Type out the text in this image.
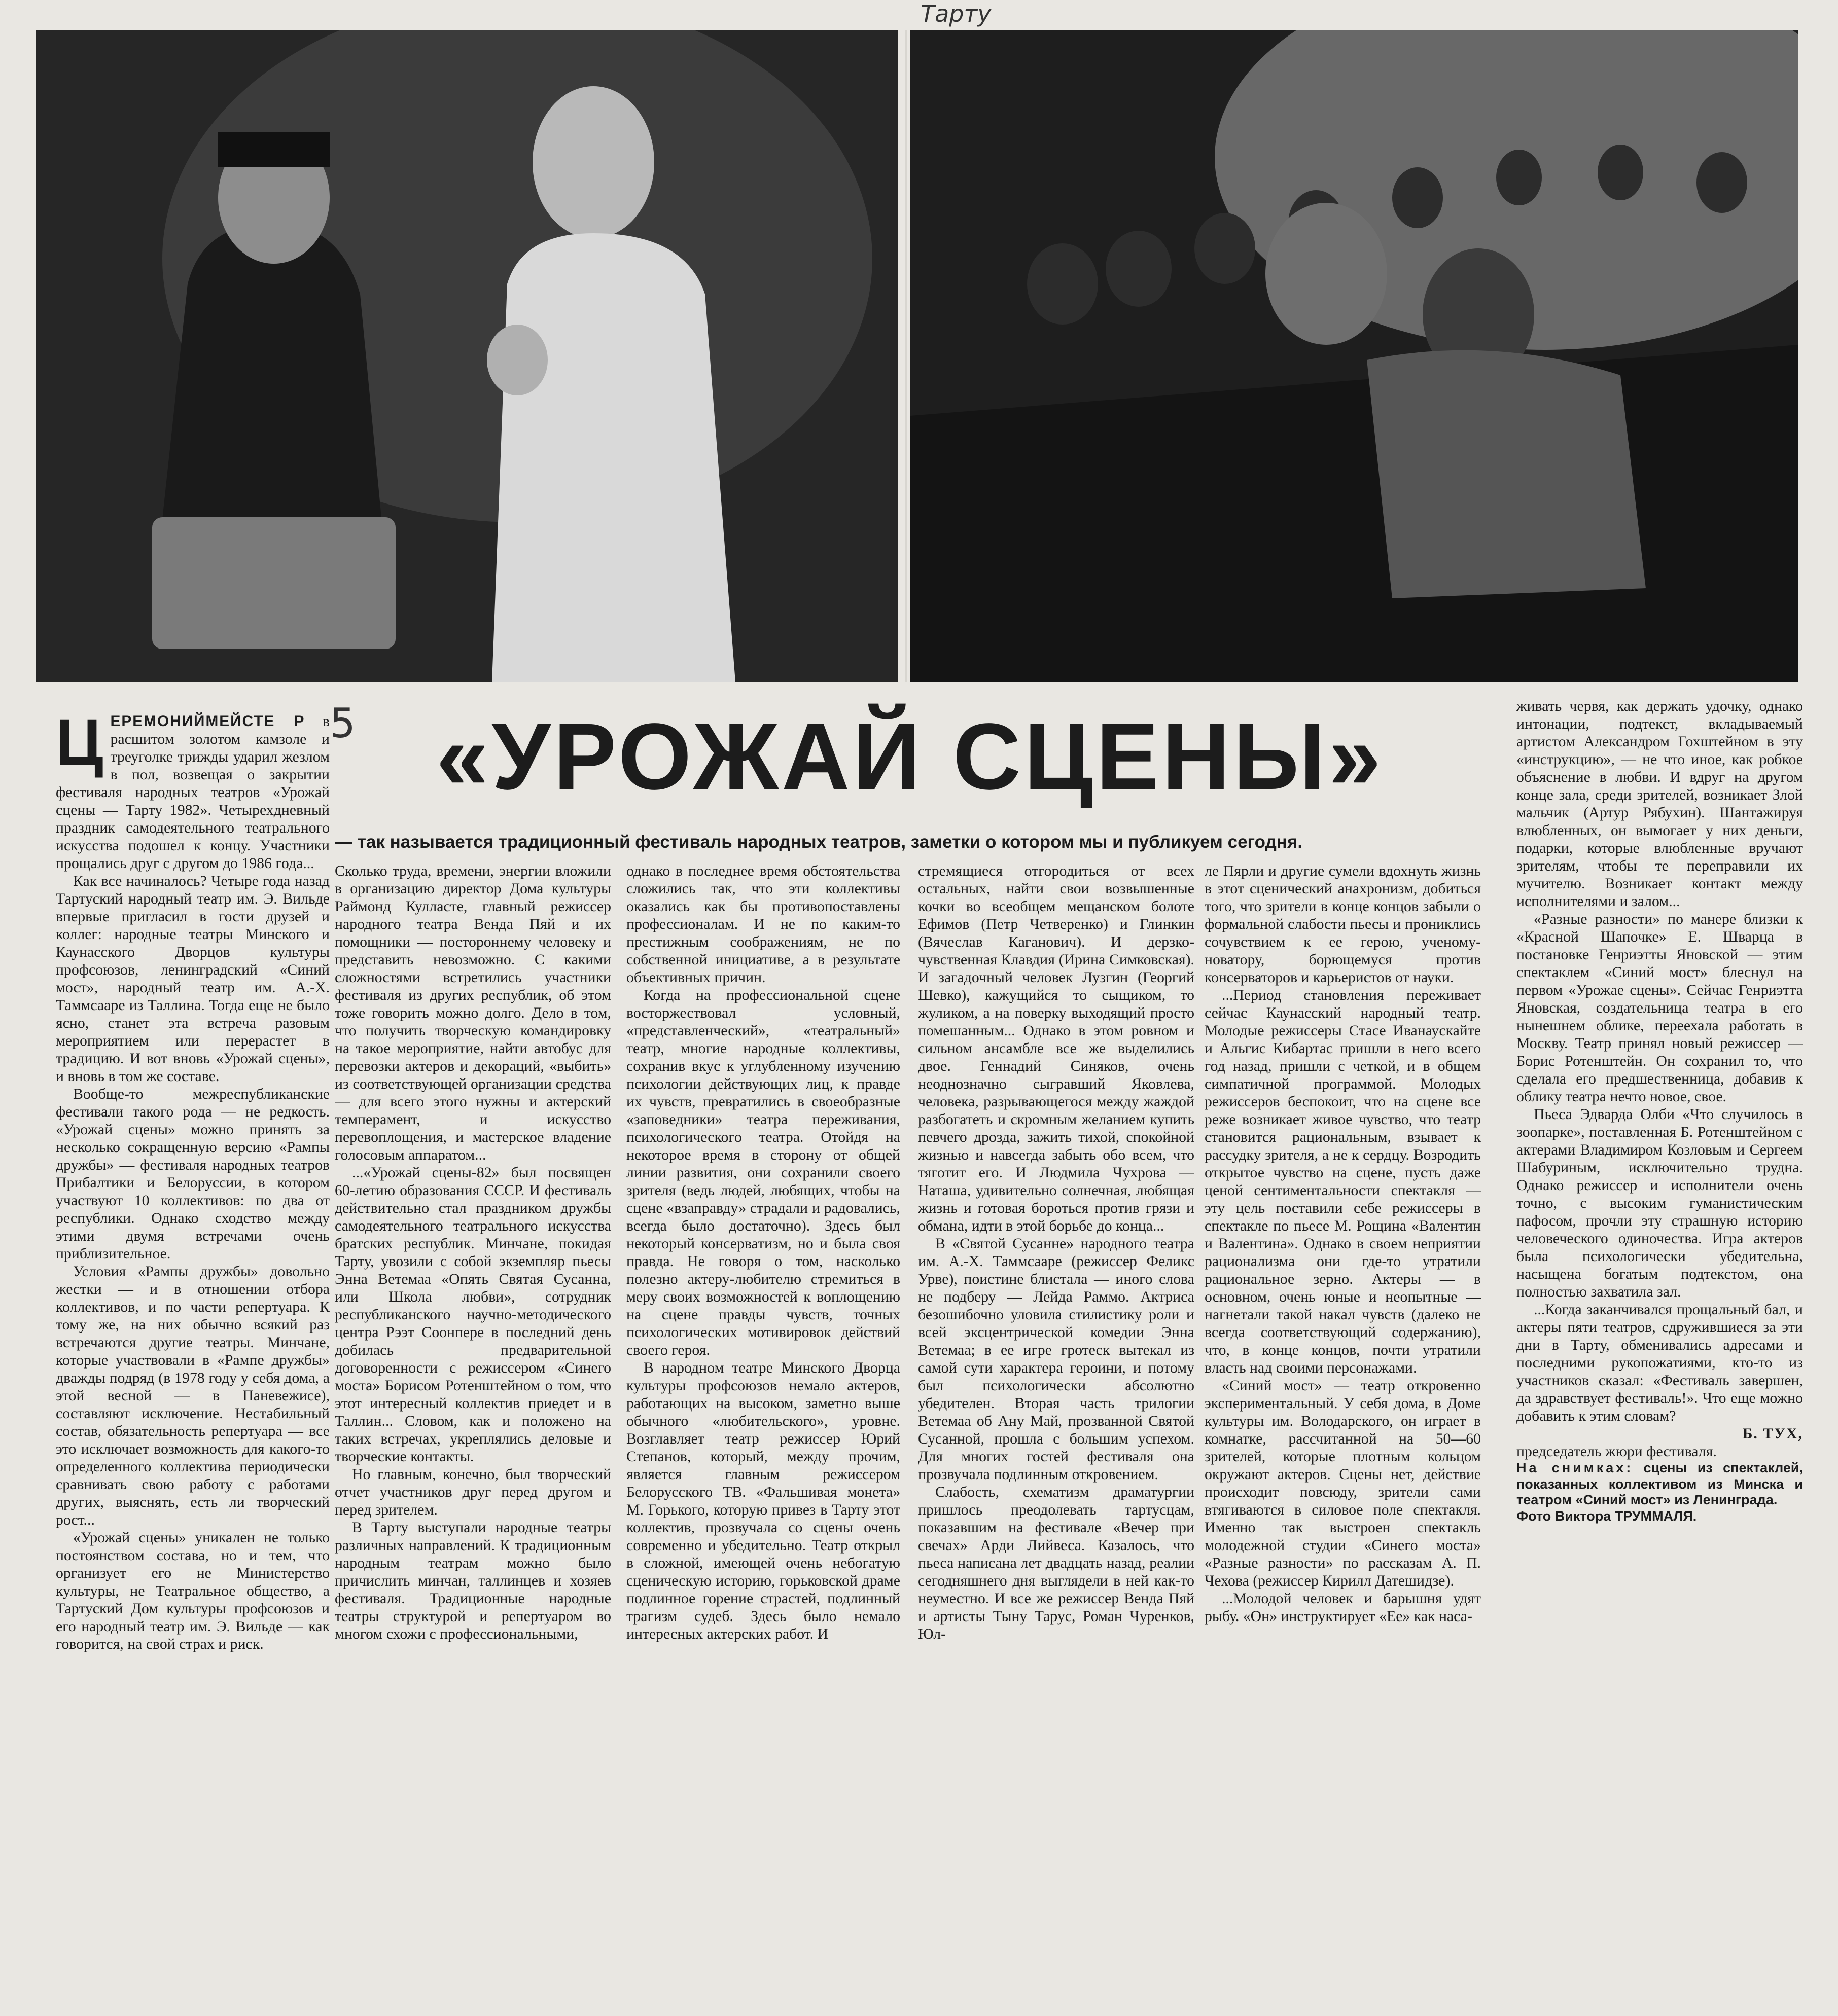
Тарту
5 «УРОЖАЙ СЦЕНЫ»
— так называется традиционный фестиваль народных театров, заметки о котором мы и публикуем сегодня.

ЦЕРЕМОНИЙМЕЙСТЕ Р в расшитом золотом камзоле и треуголке трижды ударил жезлом в пол, возвещая о закрытии фестиваля народных театров «Урожай сцены — Тарту 1982». Четырехдневный праздник самодеятельного театрального искусства подошел к концу. Участники прощались друг с другом до 1986 года...

Как все начиналось? Четыре года назад Тартуский народный театр им. Э. Вильде впервые пригласил в гости друзей и коллег: народные театры Минского и Каунасского Дворцов культуры профсоюзов, ленинградский «Синий мост», народный театр им. А.-Х. Таммсааре из Таллина. Тогда еще не было ясно, станет эта встреча разовым мероприятием или перерастет в традицию. И вот вновь «Урожай сцены», и вновь в том же составе.

Вообще-то межреспубликанские фестивали такого рода — не редкость. «Урожай сцены» можно принять за несколько сокращенную версию «Рампы дружбы» — фестиваля народных театров Прибалтики и Белоруссии, в котором участвуют 10 коллективов: по два от республики. Однако сходство между этими двумя встречами очень приблизительное.

Условия «Рампы дружбы» довольно жестки — и в отношении отбора коллективов, и по части репертуара. К тому же, на них обычно всякий раз встречаются другие театры. Минчане, которые участвовали в «Рампе дружбы» дважды подряд (в 1978 году у себя дома, а этой весной — в Паневежисе), составляют исключение. Нестабильный состав, обязательность репертуара — все это исключает возможность для какого-то определенного коллектива периодически сравнивать свою работу с работами других, выяснять, есть ли творческий рост...

«Урожай сцены» уникален не только постоянством состава, но и тем, что организует его не Министерство культуры, не Театральное общество, а Тартуский Дом культуры профсоюзов и его народный театр им. Э. Вильде — как говорится, на свой страх и риск.

Сколько труда, времени, энергии вложили в организацию директор Дома культуры Раймонд Кулласте, главный режиссер народного театра Венда Пяй и их помощники — постороннему человеку и представить невозможно. С какими сложностями встретились участники фестиваля из других республик, об этом тоже говорить можно долго. Дело в том, что получить творческую командировку на такое мероприятие, найти автобус для перевозки актеров и декораций, «выбить» из соответствующей организации средства — для всего этого нужны и актерский темперамент, и искусство перевоплощения, и мастерское владение голосовым аппаратом...

...«Урожай сцены-82» был посвящен 60-летию образования СССР. И фестиваль действительно стал праздником дружбы самодеятельного театрального искусства братских республик. Минчане, покидая Тарту, увозили с собой экземпляр пьесы Энна Ветемаа «Опять Святая Сусанна, или Школа любви», сотрудник республиканского научно-методического центра Рээт Соонпере в последний день добилась предварительной договоренности с режиссером «Синего моста» Борисом Ротенштейном о том, что этот интересный коллектив приедет и в Таллин... Словом, как и положено на таких встречах, укреплялись деловые и творческие контакты.

Но главным, конечно, был творческий отчет участников друг перед другом и перед зрителем.

В Тарту выступали народные театры различных направлений. К традиционным народным театрам можно было причислить минчан, таллинцев и хозяев фестиваля. Традиционные народные театры структурой и репертуаром во многом схожи с профессиональными,

однако в последнее время обстоятельства сложились так, что эти коллективы оказались как бы противопоставлены профессионалам. И не по каким-то престижным соображениям, не по собственной инициативе, а в результате объективных причин.

Когда на профессиональной сцене восторжествовал условный, «представленческий», «театральный» театр, многие народные коллективы, сохранив вкус к углубленному изучению психологии действующих лиц, к правде их чувств, превратились в своеобразные «заповедники» театра переживания, психологического театра. Отойдя на некоторое время в сторону от общей линии развития, они сохранили своего зрителя (ведь людей, любящих, чтобы на сцене «взаправду» страдали и радовались, всегда было достаточно). Здесь был некоторый консерватизм, но и была своя правда. Не говоря о том, насколько полезно актеру-любителю стремиться в меру своих возможностей к воплощению на сцене правды чувств, точных психологических мотивировок действий своего героя.

В народном театре Минского Дворца культуры профсоюзов немало актеров, работающих на высоком, заметно выше обычного «любительского», уровне. Возглавляет театр режиссер Юрий Степанов, который, между прочим, является главным режиссером Белорусского ТВ. «Фальшивая монета» М. Горького, которую привез в Тарту этот коллектив, прозвучала со сцены очень современно и убедительно. Театр открыл в сложной, имеющей очень небогатую сценическую историю, горьковской драме подлинное горение страстей, подлинный трагизм судеб. Здесь было немало интересных актерских работ. И

стремящиеся отгородиться от всех остальных, найти свои возвышенные кочки во всеобщем мещанском болоте Ефимов (Петр Четверенко) и Глинкин (Вячеслав Каганович). И дерзко-чувственная Клавдия (Ирина Симковская). И загадочный человек Лузгин (Георгий Шевко), кажущийся то сыщиком, то жуликом, а на поверку выходящий просто помешанным... Однако в этом ровном и сильном ансамбле все же выделились двое. Геннадий Синяков, очень неоднозначно сыгравший Яковлева, человека, разрывающегося между жаждой разбогатеть и скромным желанием купить певчего дрозда, зажить тихой, спокойной жизнью и навсегда забыть обо всем, что тяготит его. И Людмила Чухрова — Наташа, удивительно солнечная, любящая жизнь и готовая бороться против грязи и обмана, идти в этой борьбе до конца...

В «Святой Сусанне» народного театра им. А.-Х. Таммсааре (режиссер Феликс Урве), поистине блистала — иного слова не подберу — Лейда Раммо. Актриса безошибочно уловила стилистику роли и всей эксцентрической комедии Энна Ветемаа; в ее игре гротеск вытекал из самой сути характера героини, и потому был психологически абсолютно убедителен. Вторая часть трилогии Ветемаа об Ану Май, прозванной Святой Сусанной, прошла с большим успехом. Для многих гостей фестиваля она прозвучала подлинным откровением.

Слабость, схематизм драматургии пришлось преодолевать тартусцам, показавшим на фестивале «Вечер при свечах» Арди Лийвеса. Казалось, что пьеса написана лет двадцать назад, реалии сегодняшнего дня выглядели в ней как-то неуместно. И все же режиссер Венда Пяй и артисты Тыну Тарус, Роман Чуренков, Юл-

ле Пярли и другие сумели вдохнуть жизнь в этот сценический анахронизм, добиться того, что зрители в конце концов забыли о формальной слабости пьесы и прониклись сочувствием к ее герою, ученому-новатору, борющемуся против консерваторов и карьеристов от науки.

...Период становления переживает сейчас Каунасский народный театр. Молодые режиссеры Стасе Иванаускайте и Альгис Кибартас пришли в него всего год назад, пришли с четкой, и в общем симпатичной программой. Молодых режиссеров беспокоит, что на сцене все реже возникает живое чувство, что театр становится рациональным, взывает к рассудку зрителя, а не к сердцу. Возродить открытое чувство на сцене, пусть даже ценой сентиментальности спектакля — эту цель поставили себе режиссеры в спектакле по пьесе М. Рощина «Валентин и Валентина». Однако в своем неприятии рационализма они где-то утратили рациональное зерно. Актеры — в основном, очень юные и неопытные — нагнетали такой накал чувств (далеко не всегда соответствующий содержанию), что, в конце концов, почти утратили власть над своими персонажами.

«Синий мост» — театр откровенно экспериментальный. У себя дома, в Доме культуры им. Володарского, он играет в комнатке, рассчитанной на 50—60 зрителей, которые плотным кольцом окружают актеров. Сцены нет, действие происходит повсюду, зрители сами втягиваются в силовое поле спектакля. Именно так выстроен спектакль молодежной студии «Синего моста» «Разные разности» по рассказам А. П. Чехова (режиссер Кирилл Датешидзе).

...Молодой человек и барышня удят рыбу. «Он» инструктирует «Ее» как наса-

живать червя, как держать удочку, однако интонации, подтекст, вкладываемый артистом Александром Гохштейном в эту «инструкцию», — не что иное, как робкое объяснение в любви. И вдруг на другом конце зала, среди зрителей, возникает Злой мальчик (Артур Рябухин). Шантажируя влюбленных, он вымогает у них деньги, подарки, которые влюбленные вручают зрителям, чтобы те переправили их мучителю. Возникает контакт между исполнителями и залом...

«Разные разности» по манере близки к «Красной Шапочке» Е. Шварца в постановке Генриэтты Яновской — этим спектаклем «Синий мост» блеснул на первом «Урожае сцены». Сейчас Генриэтта Яновская, создательница театра в его нынешнем облике, переехала работать в Москву. Театр принял новый режиссер — Борис Ротенштейн. Он сохранил то, что сделала его предшественница, добавив к облику театра нечто новое, свое.

Пьеса Эдварда Олби «Что случилось в зоопарке», поставленная Б. Ротенштейном с актерами Владимиром Козловым и Сергеем Шабуриным, исключительно трудна. Однако режиссер и исполнители очень точно, с высоким гуманистическим пафосом, прочли эту страшную историю человеческого одиночества. Игра актеров была психологически убедительна, насыщена богатым подтекстом, она полностью захватила зал.

...Когда заканчивался прощальный бал, и актеры пяти театров, сдружившиеся за эти дни в Тарту, обменивались адресами и последними рукопожатиями, кто-то из участников сказал: «Фестиваль завершен, да здравствует фестиваль!». Что еще можно добавить к этим словам?

Б. ТУХ,

председатель жюри фестиваля.

На снимках: сцены из спектаклей, показанных коллективом из Минска и театром «Синий мост» из Ленинграда.

Фото Виктора ТРУММАЛЯ.
